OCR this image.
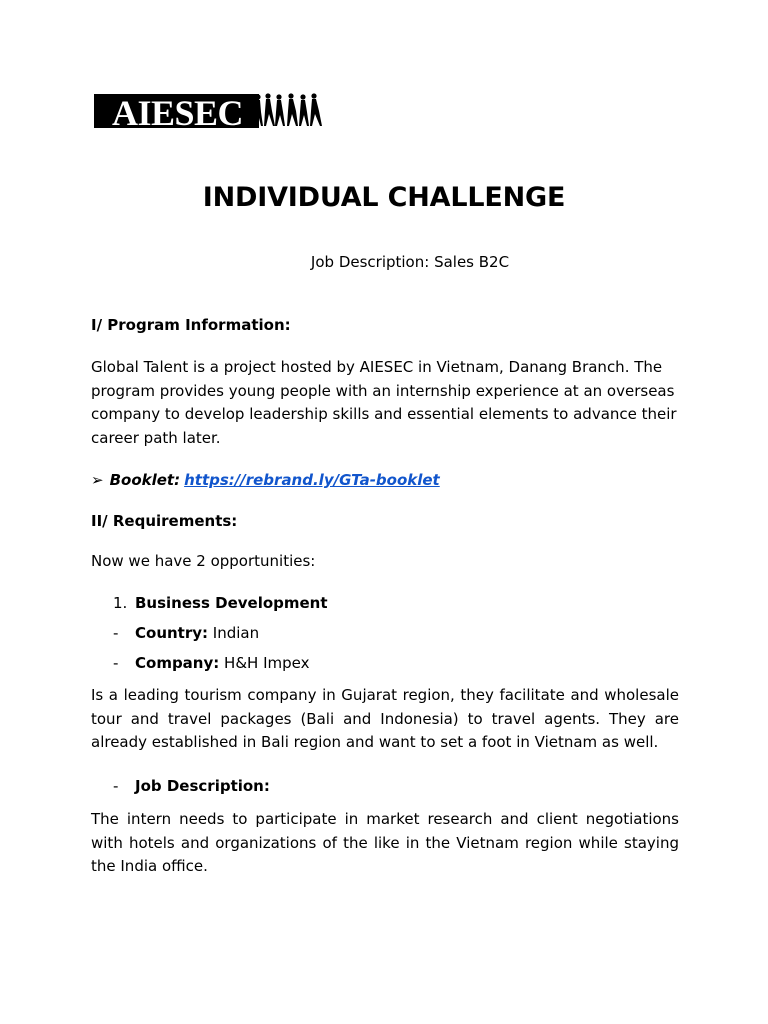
AIESEC
INDIVIDUAL CHALLENGE
Job Description: Sales B2C
I/ Program Information:
Global Talent is a project hosted by AIESEC in Vietnam, Danang Branch. The program provides young people with an internship experience at an overseas company to develop leadership skills and essential elements to advance their career path later.
➢ Booklet: https://rebrand.ly/GTa-booklet
II/ Requirements:
Now we have 2 opportunities:
1. Business Development
- Country: Indian
- Company: H&H Impex
Is a leading tourism company in Gujarat region, they facilitate and wholesale tour and travel packages (Bali and Indonesia) to travel agents. They are already established in Bali region and want to set a foot in Vietnam as well.
- Job Description:
The intern needs to participate in market research and client negotiations with hotels and organizations of the like in the Vietnam region while staying the India office.
